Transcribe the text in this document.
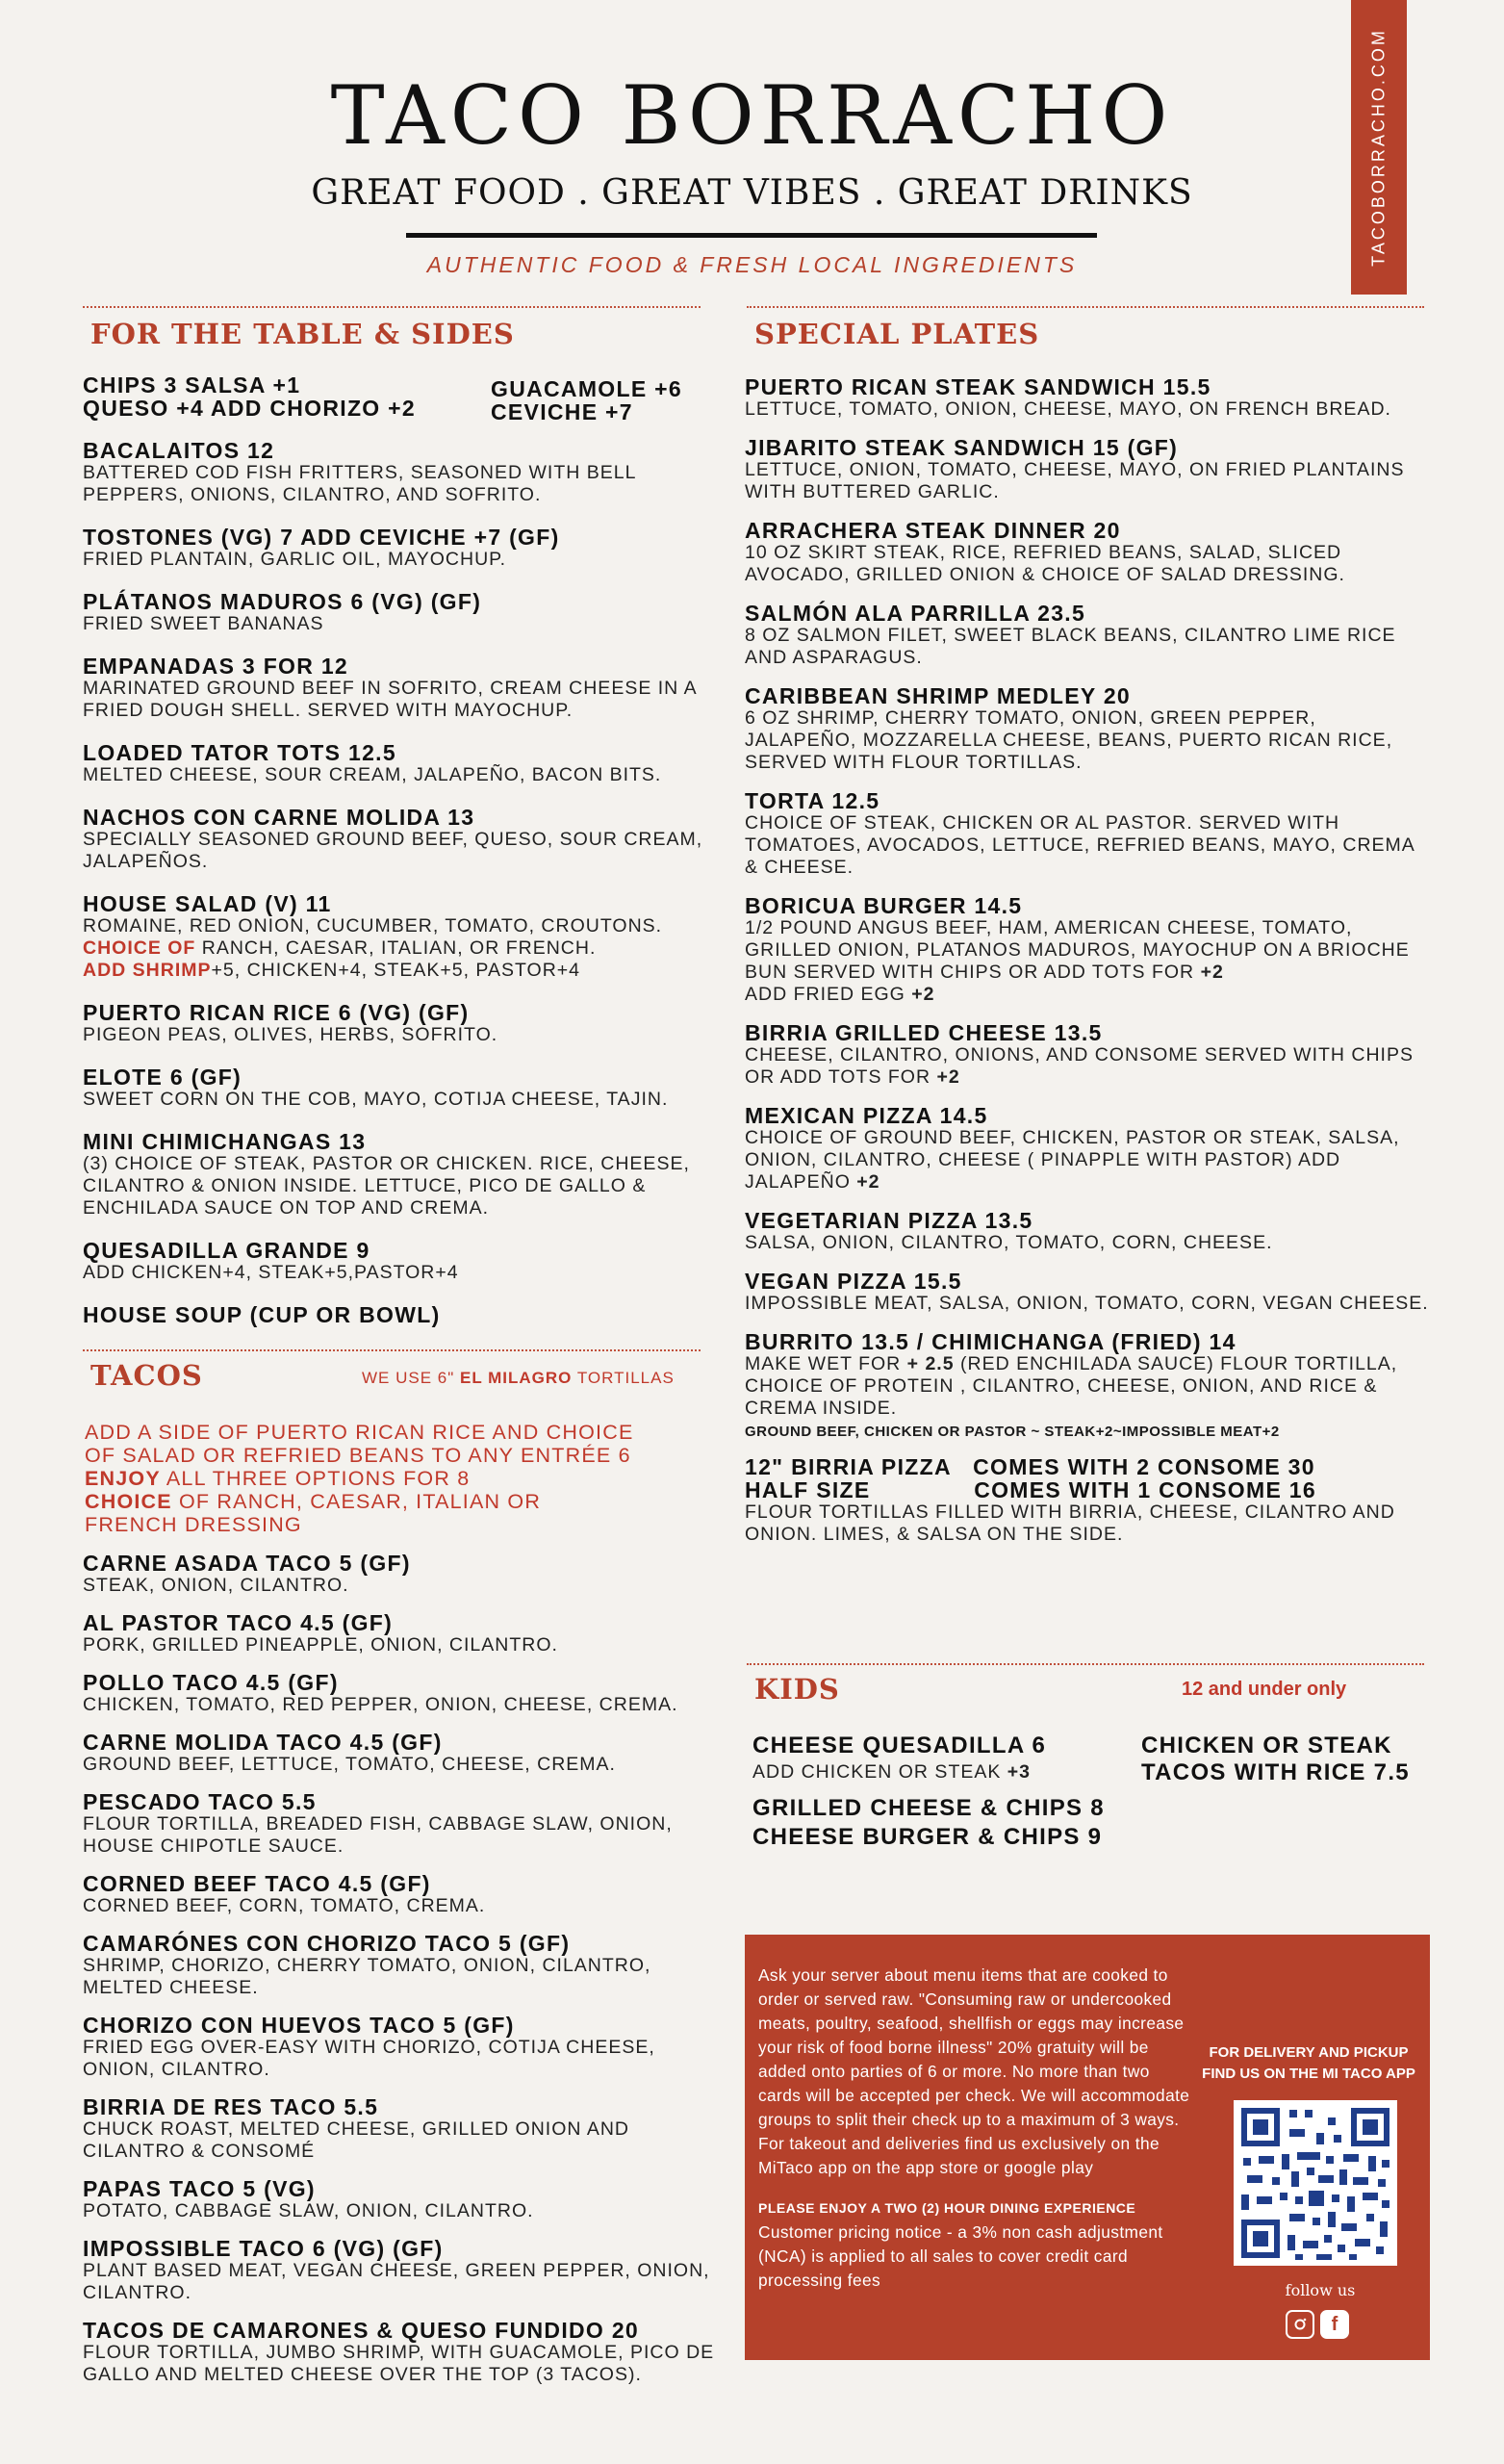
TACO BORRACHO
GREAT FOOD . GREAT VIBES . GREAT DRINKS
AUTHENTIC FOOD & FRESH LOCAL INGREDIENTS	TACOBORRACHO.COM
FOR THE TABLE & SIDES
CHIPS 3 SALSA +1
QUESO +4 ADD CHORIZO +2
GUACAMOLE +6
CEVICHE +7
BACALAITOS 12
BATTERED COD FISH FRITTERS, SEASONED WITH BELL PEPPERS, ONIONS, CILANTRO, AND SOFRITO.
TOSTONES (VG) 7 ADD CEVICHE +7 (GF)
FRIED PLANTAIN, GARLIC OIL, MAYOCHUP.
PLÁTANOS MADUROS 6 (VG) (GF)
FRIED SWEET BANANAS
EMPANADAS 3 FOR 12
MARINATED GROUND BEEF IN SOFRITO, CREAM CHEESE IN A FRIED DOUGH SHELL. SERVED WITH MAYOCHUP.
LOADED TATOR TOTS 12.5
MELTED CHEESE, SOUR CREAM, JALAPEÑO, BACON BITS.
NACHOS CON CARNE MOLIDA 13
SPECIALLY SEASONED GROUND BEEF, QUESO, SOUR CREAM, JALAPEÑOS.
HOUSE SALAD (V) 11
ROMAINE, RED ONION, CUCUMBER, TOMATO, CROUTONS.
CHOICE OF RANCH, CAESAR, ITALIAN, OR FRENCH.
ADD SHRIMP+5, CHICKEN+4, STEAK+5, PASTOR+4
PUERTO RICAN RICE 6 (VG) (GF)
PIGEON PEAS, OLIVES, HERBS, SOFRITO.
ELOTE 6 (GF)
SWEET CORN ON THE COB, MAYO, COTIJA CHEESE, TAJIN.
MINI CHIMICHANGAS 13
(3) CHOICE OF STEAK, PASTOR OR CHICKEN. RICE, CHEESE, CILANTRO & ONION INSIDE. LETTUCE, PICO DE GALLO & ENCHILADA SAUCE ON TOP AND CREMA.
QUESADILLA GRANDE 9
ADD CHICKEN+4, STEAK+5,PASTOR+4
HOUSE SOUP (CUP OR BOWL)
TACOS	WE USE 6" EL MILAGRO TORTILLAS
ADD A SIDE OF PUERTO RICAN RICE AND CHOICE
OF SALAD OR REFRIED BEANS TO ANY ENTRÉE 6
ENJOY ALL THREE OPTIONS FOR 8
CHOICE OF RANCH, CAESAR, ITALIAN OR
FRENCH DRESSING
CARNE ASADA TACO 5 (GF)
STEAK, ONION, CILANTRO.
AL PASTOR TACO 4.5 (GF)
PORK, GRILLED PINEAPPLE, ONION, CILANTRO.
POLLO TACO 4.5 (GF)
CHICKEN, TOMATO, RED PEPPER, ONION, CHEESE, CREMA.
CARNE MOLIDA TACO 4.5 (GF)
GROUND BEEF, LETTUCE, TOMATO, CHEESE, CREMA.
PESCADO TACO 5.5
FLOUR TORTILLA, BREADED FISH, CABBAGE SLAW, ONION, HOUSE CHIPOTLE SAUCE.
CORNED BEEF TACO 4.5 (GF)
CORNED BEEF, CORN, TOMATO, CREMA.
CAMARÓNES CON CHORIZO TACO 5 (GF)
SHRIMP, CHORIZO, CHERRY TOMATO, ONION, CILANTRO, MELTED CHEESE.
CHORIZO CON HUEVOS TACO 5 (GF)
FRIED EGG OVER-EASY WITH CHORIZO, COTIJA CHEESE, ONION, CILANTRO.
BIRRIA DE RES TACO 5.5
CHUCK ROAST, MELTED CHEESE, GRILLED ONION AND CILANTRO & CONSOMÉ
PAPAS TACO 5 (VG)
POTATO, CABBAGE SLAW, ONION, CILANTRO.
IMPOSSIBLE TACO 6 (VG) (GF)
PLANT BASED MEAT, VEGAN CHEESE, GREEN PEPPER, ONION, CILANTRO.
TACOS DE CAMARONES & QUESO FUNDIDO 20
FLOUR TORTILLA, JUMBO SHRIMP, WITH GUACAMOLE, PICO DE GALLO AND MELTED CHEESE OVER THE TOP (3 TACOS).
SPECIAL PLATES
PUERTO RICAN STEAK SANDWICH 15.5
LETTUCE, TOMATO, ONION, CHEESE, MAYO, ON FRENCH BREAD.
JIBARITO STEAK SANDWICH 15 (GF)
LETTUCE, ONION, TOMATO, CHEESE, MAYO, ON FRIED PLANTAINS WITH BUTTERED GARLIC.
ARRACHERA STEAK DINNER 20
10 OZ SKIRT STEAK, RICE, REFRIED BEANS, SALAD, SLICED AVOCADO, GRILLED ONION & CHOICE OF SALAD DRESSING.
SALMÓN ALA PARRILLA 23.5
8 OZ SALMON FILET, SWEET BLACK BEANS, CILANTRO LIME RICE AND ASPARAGUS.
CARIBBEAN SHRIMP MEDLEY 20
6 OZ SHRIMP, CHERRY TOMATO, ONION, GREEN PEPPER, JALAPEÑO, MOZZARELLA CHEESE, BEANS, PUERTO RICAN RICE, SERVED WITH FLOUR TORTILLAS.
TORTA 12.5
CHOICE OF STEAK, CHICKEN OR AL PASTOR. SERVED WITH TOMATOES, AVOCADOS, LETTUCE, REFRIED BEANS, MAYO, CREMA & CHEESE.
BORICUA BURGER 14.5
1/2 POUND ANGUS BEEF, HAM, AMERICAN CHEESE, TOMATO, GRILLED ONION, PLATANOS MADUROS, MAYOCHUP ON A BRIOCHE BUN SERVED WITH CHIPS OR ADD TOTS FOR +2
ADD FRIED EGG +2
BIRRIA GRILLED CHEESE 13.5
CHEESE, CILANTRO, ONIONS, AND CONSOME SERVED WITH CHIPS OR ADD TOTS FOR +2
MEXICAN PIZZA 14.5
CHOICE OF GROUND BEEF, CHICKEN, PASTOR OR STEAK, SALSA, ONION, CILANTRO, CHEESE ( PINAPPLE WITH PASTOR) ADD JALAPEÑO +2
VEGETARIAN PIZZA 13.5
SALSA, ONION, CILANTRO, TOMATO, CORN, CHEESE.
VEGAN PIZZA 15.5
IMPOSSIBLE MEAT, SALSA, ONION, TOMATO, CORN, VEGAN CHEESE.
BURRITO 13.5 / CHIMICHANGA (FRIED) 14
MAKE WET FOR + 2.5 (RED ENCHILADA SAUCE) FLOUR TORTILLA, CHOICE OF PROTEIN , CILANTRO, CHEESE, ONION, AND RICE & CREMA INSIDE.
GROUND BEEF, CHICKEN OR PASTOR ~ STEAK+2~IMPOSSIBLE MEAT+2
12" BIRRIA PIZZA   COMES WITH 2 CONSOME 30
HALF SIZE              COMES WITH 1 CONSOME 16
FLOUR TORTILLAS FILLED WITH BIRRIA, CHEESE, CILANTRO AND ONION. LIMES, & SALSA ON THE SIDE.
KIDS	12 and under only
CHEESE QUESADILLA 6
ADD CHICKEN OR STEAK +3
GRILLED CHEESE & CHIPS 8
CHEESE BURGER & CHIPS 9
CHICKEN OR STEAK
TACOS WITH RICE 7.5
Ask your server about menu items that are cooked to order or served raw. "Consuming raw or undercooked meats, poultry, seafood, shellfish or eggs may increase your risk of food borne illness" 20% gratuity will be added onto parties of 6 or more. No more than two cards will be accepted per check. We will accommodate groups to split their check up to a maximum of 3 ways. For takeout and deliveries find us exclusively on the MiTaco app on the app store or google play
PLEASE ENJOY A TWO (2) HOUR DINING EXPERIENCE
Customer pricing notice - a 3% non cash adjustment (NCA) is applied to all sales to cover credit card processing fees
FOR DELIVERY AND PICKUP
FIND US ON THE MI TACO APP
follow us
f
